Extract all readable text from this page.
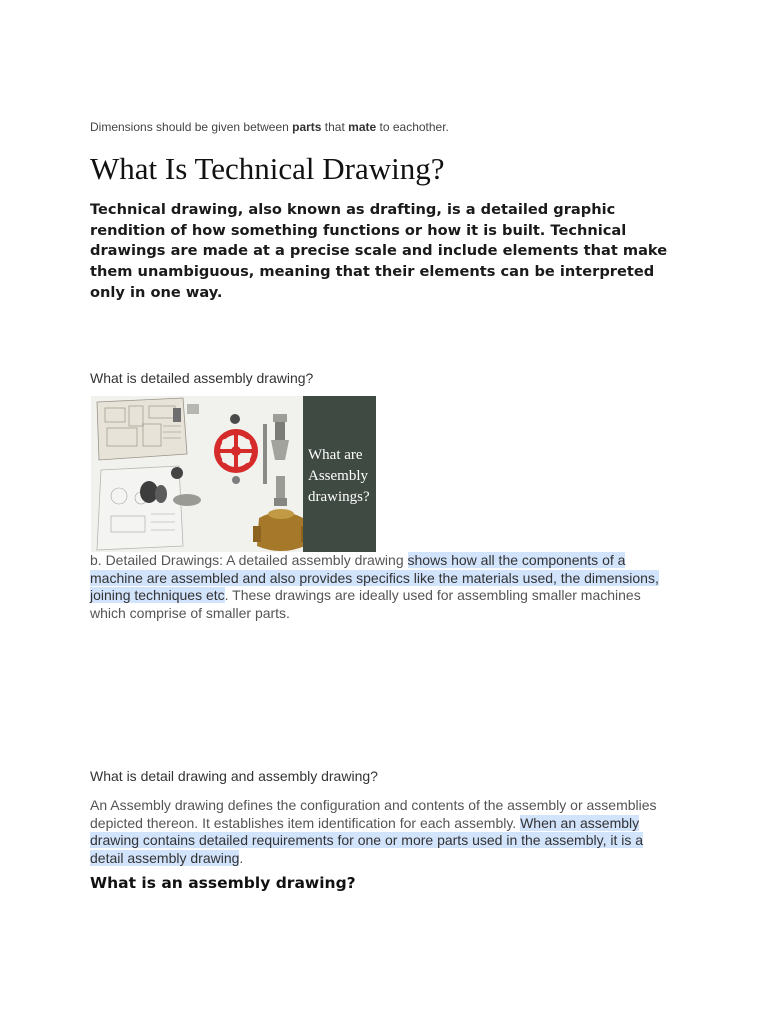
Dimensions should be given between parts that mate to eachother.
What Is Technical Drawing?
Technical drawing, also known as drafting, is a detailed graphic rendition of how something functions or how it is built. Technical drawings are made at a precise scale and include elements that make them unambiguous, meaning that their elements can be interpreted only in one way.
What is detailed assembly drawing?
What are
Assembly
drawings?
b. Detailed Drawings: A detailed assembly drawing shows how all the components of a machine are assembled and also provides specifics like the materials used, the dimensions, joining techniques etc. These drawings are ideally used for assembling smaller machines which comprise of smaller parts.
What is detail drawing and assembly drawing?
An Assembly drawing defines the configuration and contents of the assembly or assemblies depicted thereon. It establishes item identification for each assembly. When an assembly drawing contains detailed requirements for one or more parts used in the assembly, it is a detail assembly drawing.
What is an assembly drawing?
